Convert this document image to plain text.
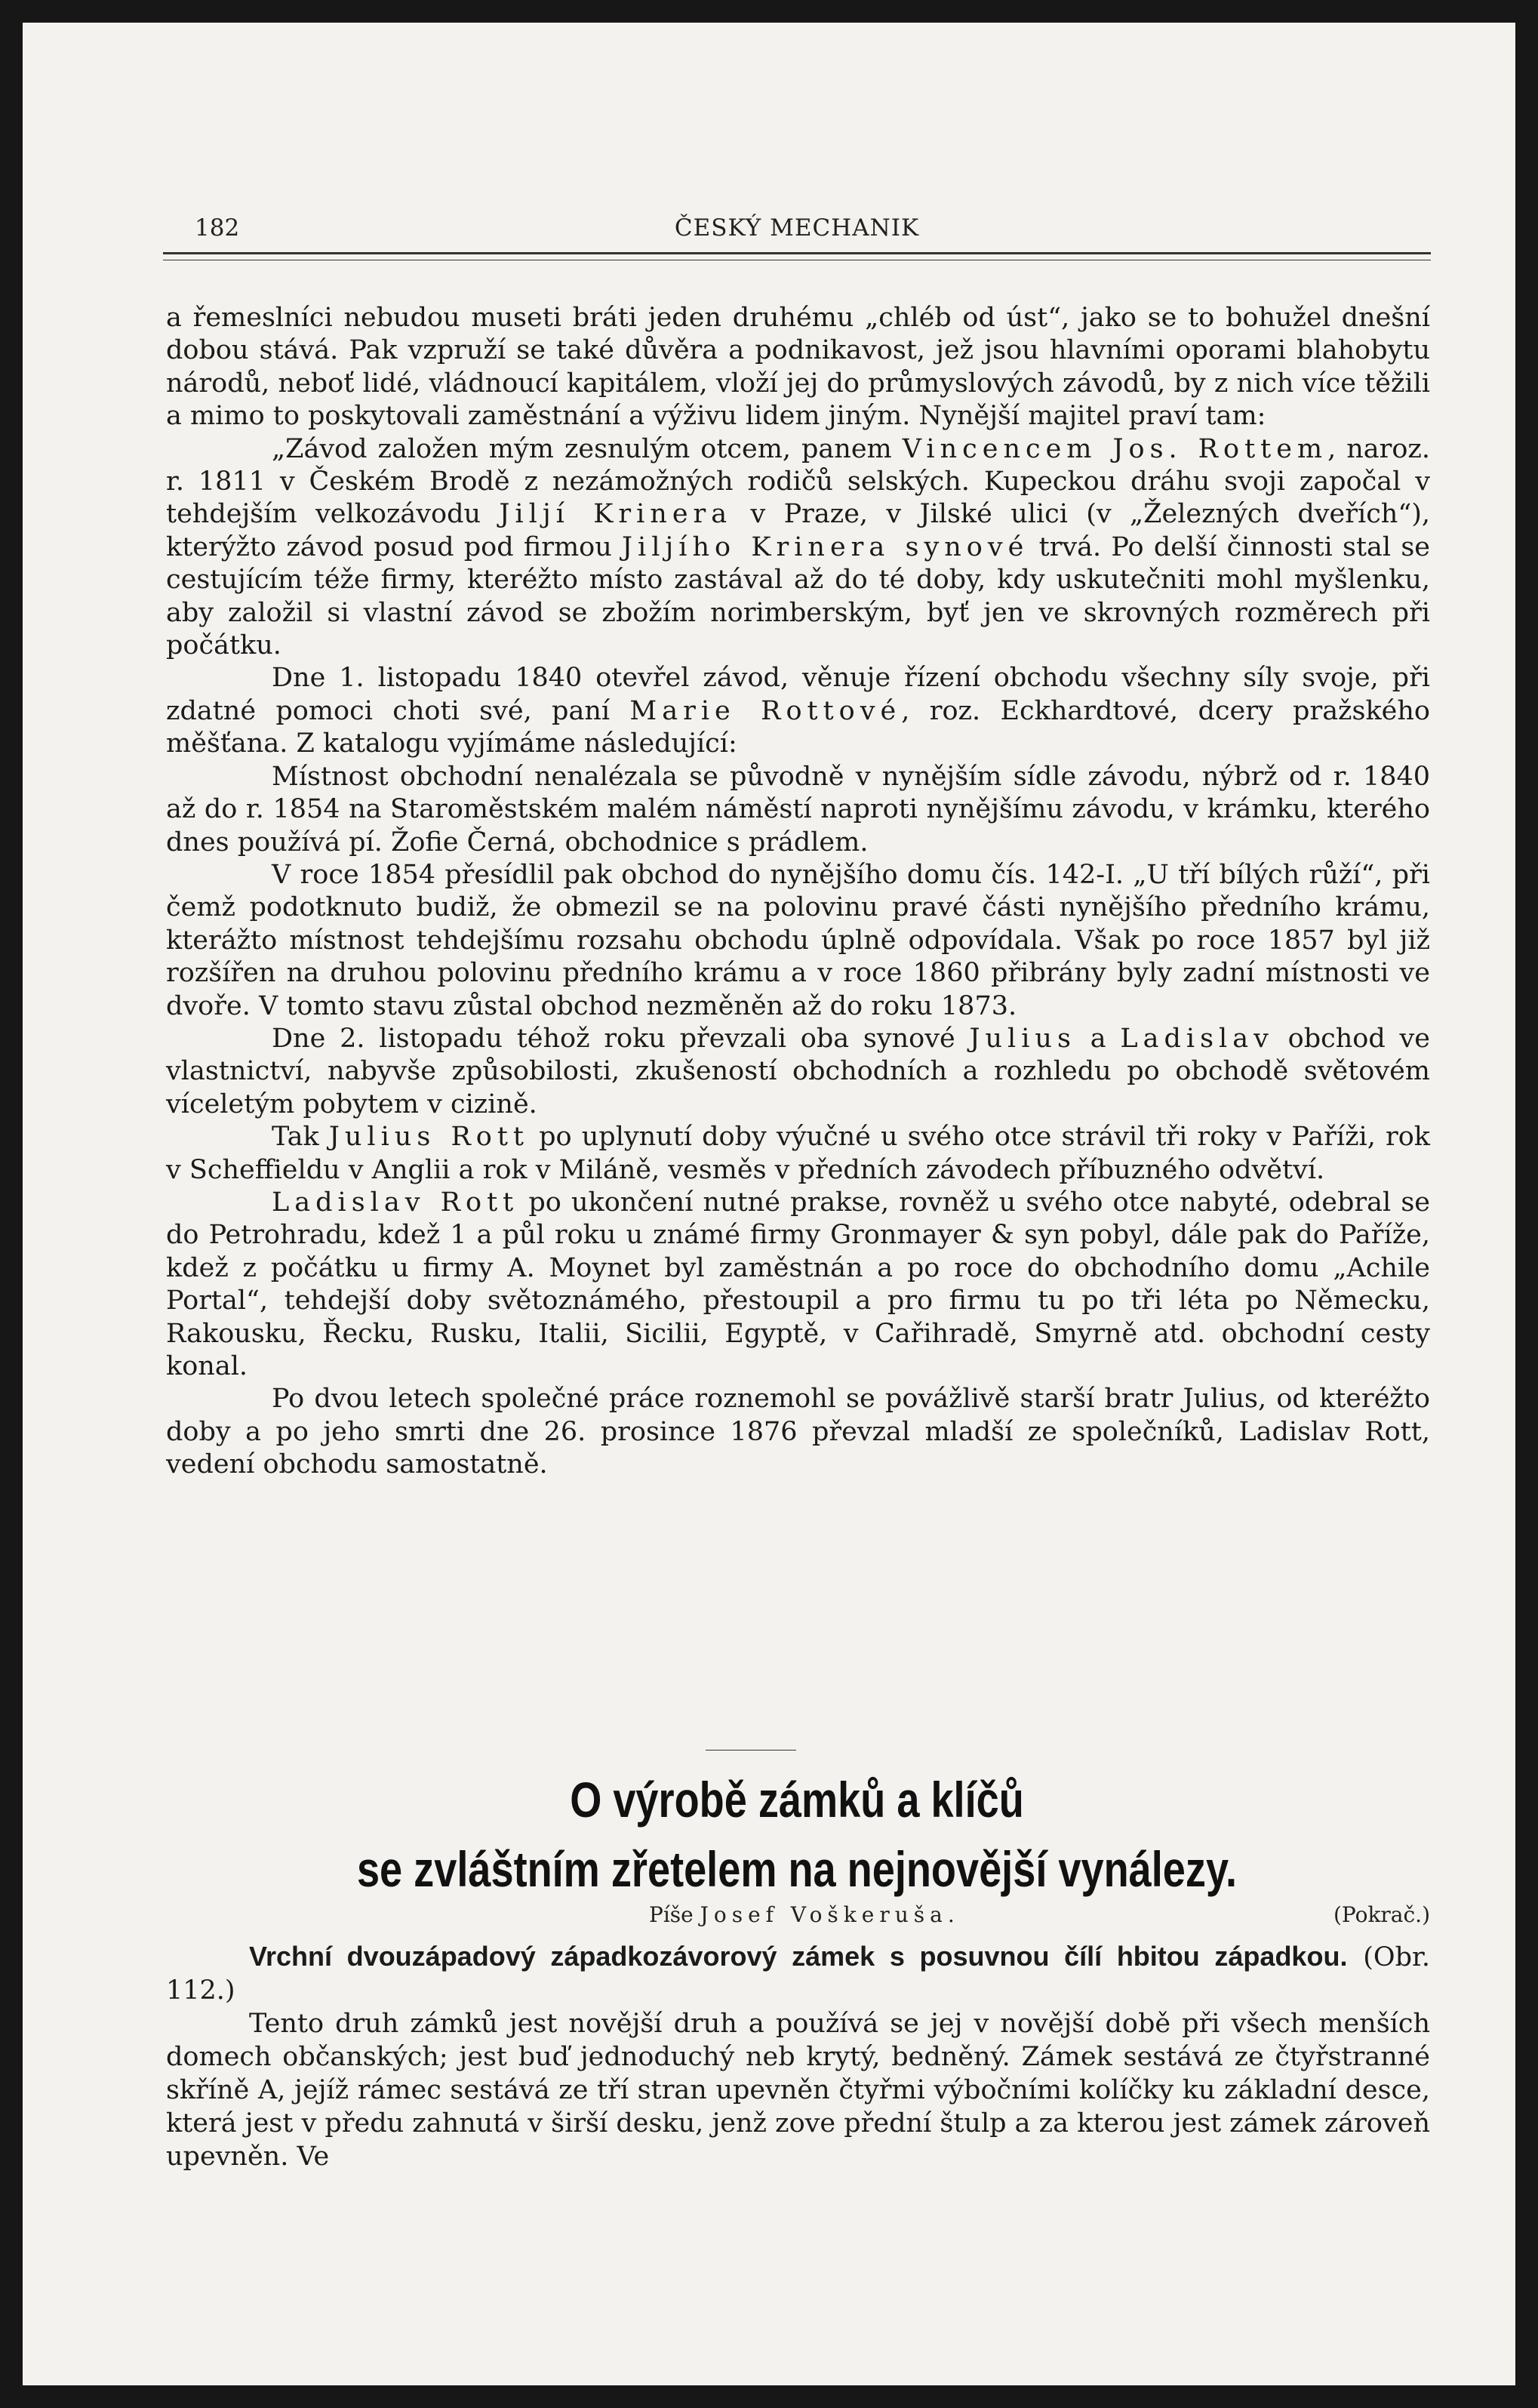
182	ČESKÝ MECHANIK

a řemeslníci nebudou museti bráti jeden druhému „chléb od úst“, jako se to bohužel dnešní dobou stává. Pak vzpruží se také důvěra a podnikavost, jež jsou hlavními oporami blahobytu národů, neboť lidé, vládnoucí kapitálem, vloží jej do průmyslových závodů, by z nich více těžili a mimo to poskytovali zaměstnání a výživu lidem jiným. Nynější majitel praví tam:

„Závod založen mým zesnulým otcem, panem Vincencem Jos. Rottem, naroz. r. 1811 v Českém Brodě z nezámožných rodičů selských. Kupeckou dráhu svoji započal v tehdejším velkozávodu Jiljí Krinera v Praze, v Jilské ulici (v „Železných dveřích“), kterýžto závod posud pod firmou Jiljího Krinera synové trvá. Po delší činnosti stal se cestujícím téže firmy, kteréžto místo zastával až do té doby, kdy uskutečniti mohl myšlenku, aby založil si vlastní závod se zbožím norimberským, byť jen ve skrovných rozměrech při počátku.

Dne 1. listopadu 1840 otevřel závod, věnuje řízení obchodu všechny síly svoje, při zdatné pomoci choti své, paní Marie Rottové, roz. Eckhardtové, dcery pražského měšťana. Z katalogu vyjímáme následující:

Místnost obchodní nenalézala se původně v nynějším sídle závodu, nýbrž od r. 1840 až do r. 1854 na Staroměstském malém náměstí naproti nynějšímu závodu, v krámku, kterého dnes používá pí. Žofie Černá, obchodnice s prádlem.

V roce 1854 přesídlil pak obchod do nynějšího domu čís. 142-I. „U tří bílých růží“, při čemž podotknuto budiž, že obmezil se na polovinu pravé části nynějšího předního krámu, kterážto místnost tehdejšímu rozsahu obchodu úplně odpovídala. Však po roce 1857 byl již rozšířen na druhou polovinu předního krámu a v roce 1860 přibrány byly zadní místnosti ve dvoře. V tomto stavu zůstal obchod nezměněn až do roku 1873.

Dne 2. listopadu téhož roku převzali oba synové Julius a Ladislav obchod ve vlastnictví, nabyvše způsobilosti, zkušeností obchodních a rozhledu po obchodě světovém víceletým pobytem v cizině.

Tak Julius Rott po uplynutí doby výučné u svého otce strávil tři roky v Paříži, rok v Scheffieldu v Anglii a rok v Miláně, vesměs v předních závodech příbuzného odvětví.

Ladislav Rott po ukončení nutné prakse, rovněž u svého otce nabyté, odebral se do Petrohradu, kdež 1 a půl roku u známé firmy Gronmayer & syn pobyl, dále pak do Paříže, kdež z počátku u firmy A. Moynet byl zaměstnán a po roce do obchodního domu „Achile Portal“, tehdejší doby světoznámého, přestoupil a pro firmu tu po tři léta po Německu, Rakousku, Řecku, Rusku, Italii, Sicilii, Egyptě, v Cařihradě, Smyrně atd. obchodní cesty konal.

Po dvou letech společné práce roznemohl se povážlivě starší bratr Julius, od kteréžto doby a po jeho smrti dne 26. prosince 1876 převzal mladší ze společníků, Ladislav Rott, vedení obchodu samostatně.

O výrobě zámků a klíčů
se zvláštním zřetelem na nejnovější vynálezy.
Píše Josef Voškeruša.	(Pokrač.)

Vrchní dvouzápadový západkozávorový zámek s posuvnou čílí hbitou západkou. (Obr. 112.)

Tento druh zámků jest novější druh a používá se jej v novější době při všech menších domech občanských; jest buď jednoduchý neb krytý, bedněný. Zámek sestává ze čtyřstranné skříně A, jejíž rámec sestává ze tří stran upevněn čtyřmi výbočními kolíčky ku základní desce, která jest v předu zahnutá v širší desku, jenž zove přední štulp a za kterou jest zámek zároveň upevněn. Ve
